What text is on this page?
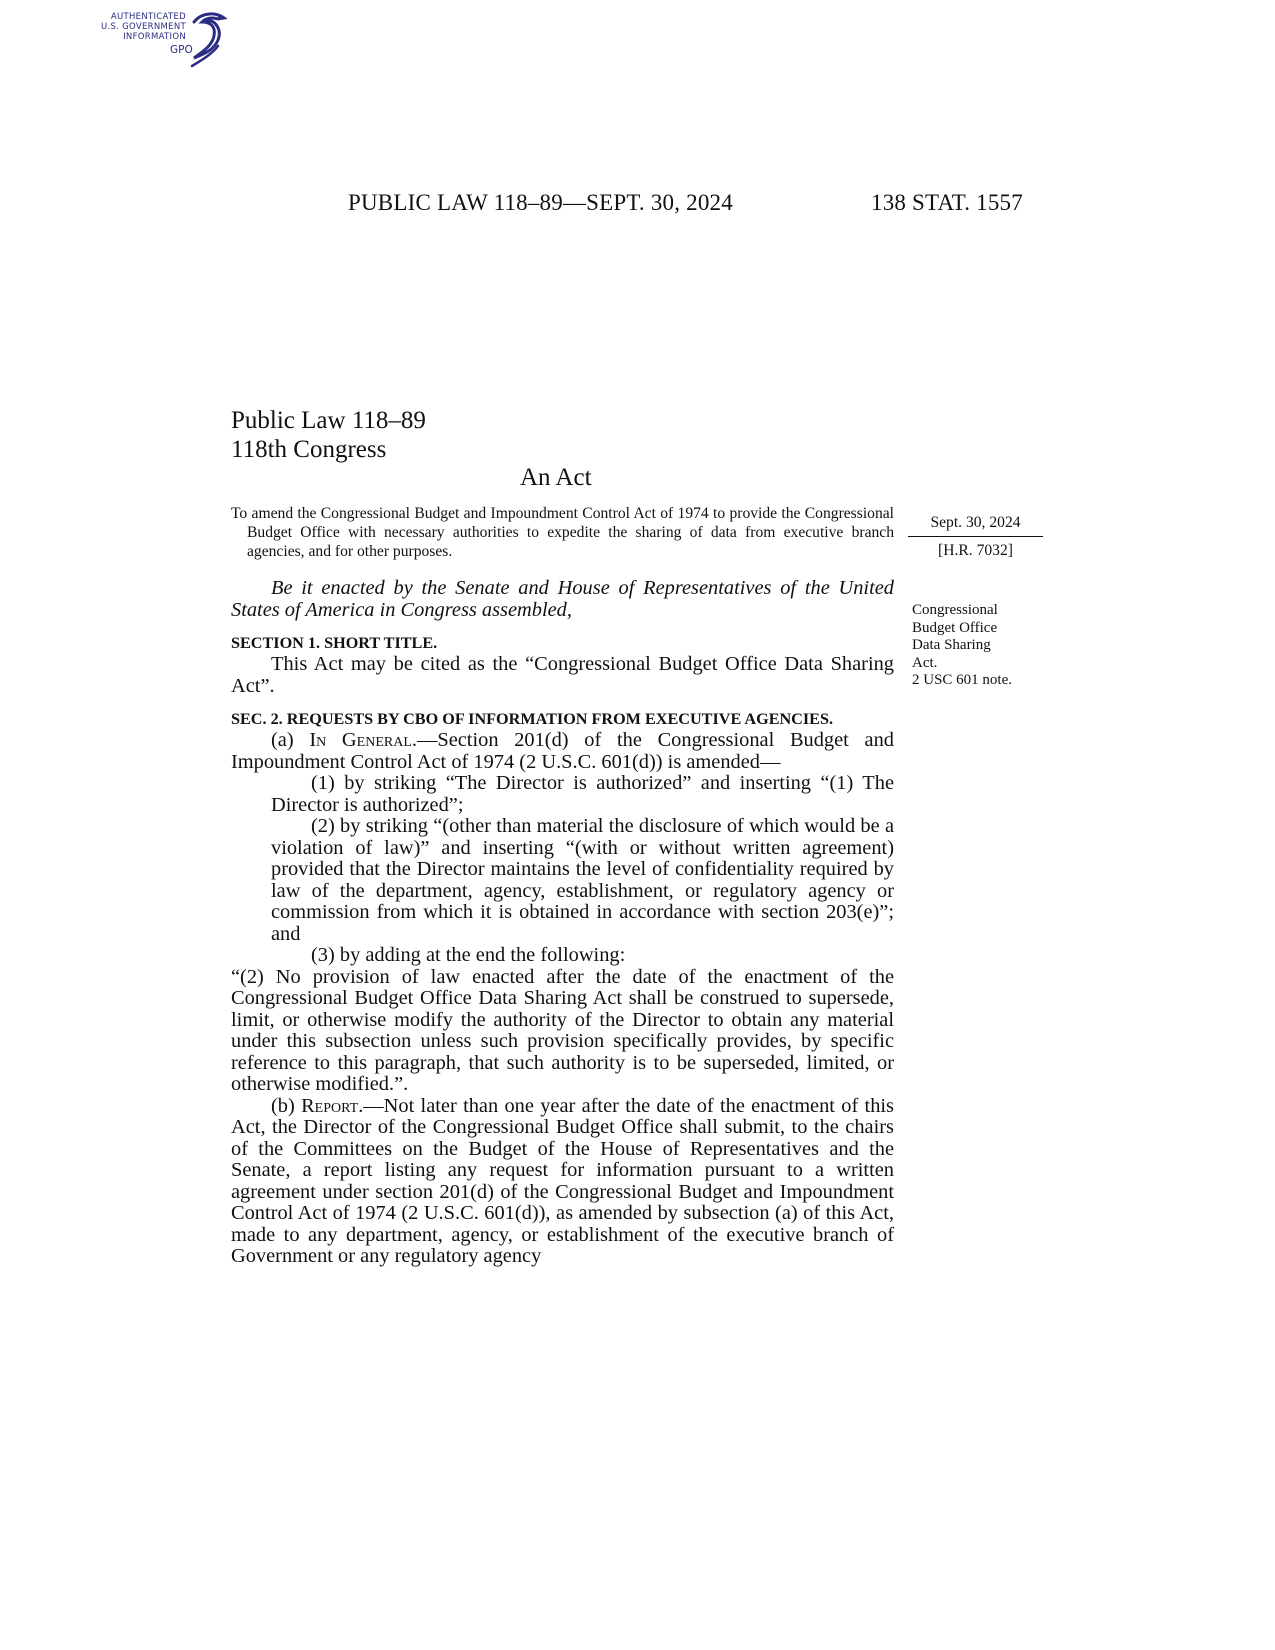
AUTHENTICATED
U.S. GOVERNMENT
INFORMATION
GPO
PUBLIC LAW 118–89—SEPT. 30, 2024	138 STAT. 1557
Public Law 118–89
118th Congress
An Act

To amend the Congressional Budget and Impoundment Control Act of 1974 to provide the Congressional Budget Office with necessary authorities to expedite the sharing of data from executive branch agencies, and for other purposes.

Sept. 30, 2024
[H.R. 7032]
Congressional
Budget Office
Data Sharing
Act.
2 USC 601 note.

Be it enacted by the Senate and House of Representatives of the United States of America in Congress assembled,

SECTION 1. SHORT TITLE.

This Act may be cited as the “Congressional Budget Office Data Sharing Act”.

SEC. 2. REQUESTS BY CBO OF INFORMATION FROM EXECUTIVE AGENCIES.

(a) In General.—Section 201(d) of the Congressional Budget and Impoundment Control Act of 1974 (2 U.S.C. 601(d)) is amended—

(1) by striking “The Director is authorized” and inserting “(1) The Director is authorized”;

(2) by striking “(other than material the disclosure of which would be a violation of law)” and inserting “(with or without written agreement) provided that the Director maintains the level of confidentiality required by law of the department, agency, establishment, or regulatory agency or commission from which it is obtained in accordance with section 203(e)”; and

(3) by adding at the end the following:

“(2) No provision of law enacted after the date of the enactment of the Congressional Budget Office Data Sharing Act shall be construed to supersede, limit, or otherwise modify the authority of the Director to obtain any material under this subsection unless such provision specifically provides, by specific reference to this paragraph, that such authority is to be superseded, limited, or otherwise modified.”.

(b) Report.—Not later than one year after the date of the enactment of this Act, the Director of the Congressional Budget Office shall submit, to the chairs of the Committees on the Budget of the House of Representatives and the Senate, a report listing any request for information pursuant to a written agreement under section 201(d) of the Congressional Budget and Impoundment Control Act of 1974 (2 U.S.C. 601(d)), as amended by subsection (a) of this Act, made to any department, agency, or establishment of the executive branch of Government or any regulatory agency
